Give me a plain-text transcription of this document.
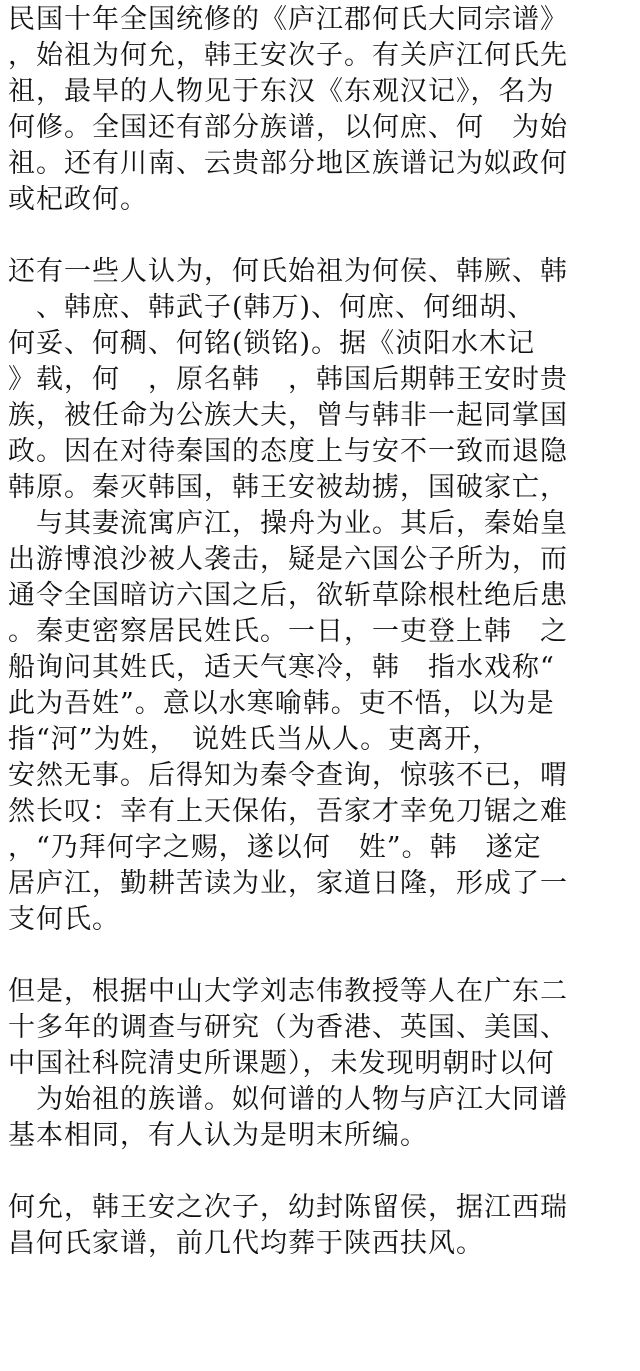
民国十年全国统修的《庐江郡何氏大同宗谱》
，始祖为何允，韩王安次子。有关庐江何氏先
祖，最早的人物见于东汉《东观汉记》，名为
何修。全国还有部分族谱，以何庶、何　为始
祖。还有川南、云贵部分地区族谱记为姒政何
或杞政何。
还有一些人认为，何氏始祖为何侯、韩厥、韩
　、韩庶、韩武子(韩万)、何庶、何细胡、
何妥、何稠、何铭(锁铭)。据《浈阳水木记
》载，何　，原名韩　，韩国后期韩王安时贵
族，被任命为公族大夫，曾与韩非一起同掌国
政。因在对待秦国的态度上与安不一致而退隐
韩原。秦灭韩国，韩王安被劫掳，国破家亡，
　与其妻流寓庐江，操舟为业。其后，秦始皇
出游博浪沙被人袭击，疑是六国公子所为，而
通令全国暗访六国之后，欲斩草除根杜绝后患
。秦吏密察居民姓氏。一日，一吏登上韩　之
船询问其姓氏，适天气寒冷，韩　指水戏称“
此为吾姓”。意以水寒喻韩。吏不悟，以为是
指“河”为姓，　说姓氏当从人。吏离开，
安然无事。后得知为秦令查询，惊骇不已，喟
然长叹：幸有上天保佑，吾家才幸免刀锯之难
，“乃拜何字之赐，遂以何　姓”。韩　遂定
居庐江，勤耕苦读为业，家道日隆，形成了一
支何氏。
但是，根据中山大学刘志伟教授等人在广东二
十多年的调查与研究（为香港、英国、美国、
中国社科院清史所课题），未发现明朝时以何
　为始祖的族谱。姒何谱的人物与庐江大同谱
基本相同，有人认为是明末所编。
何允，韩王安之次子，幼封陈留侯，据江西瑞
昌何氏家谱，前几代均葬于陕西扶风。
